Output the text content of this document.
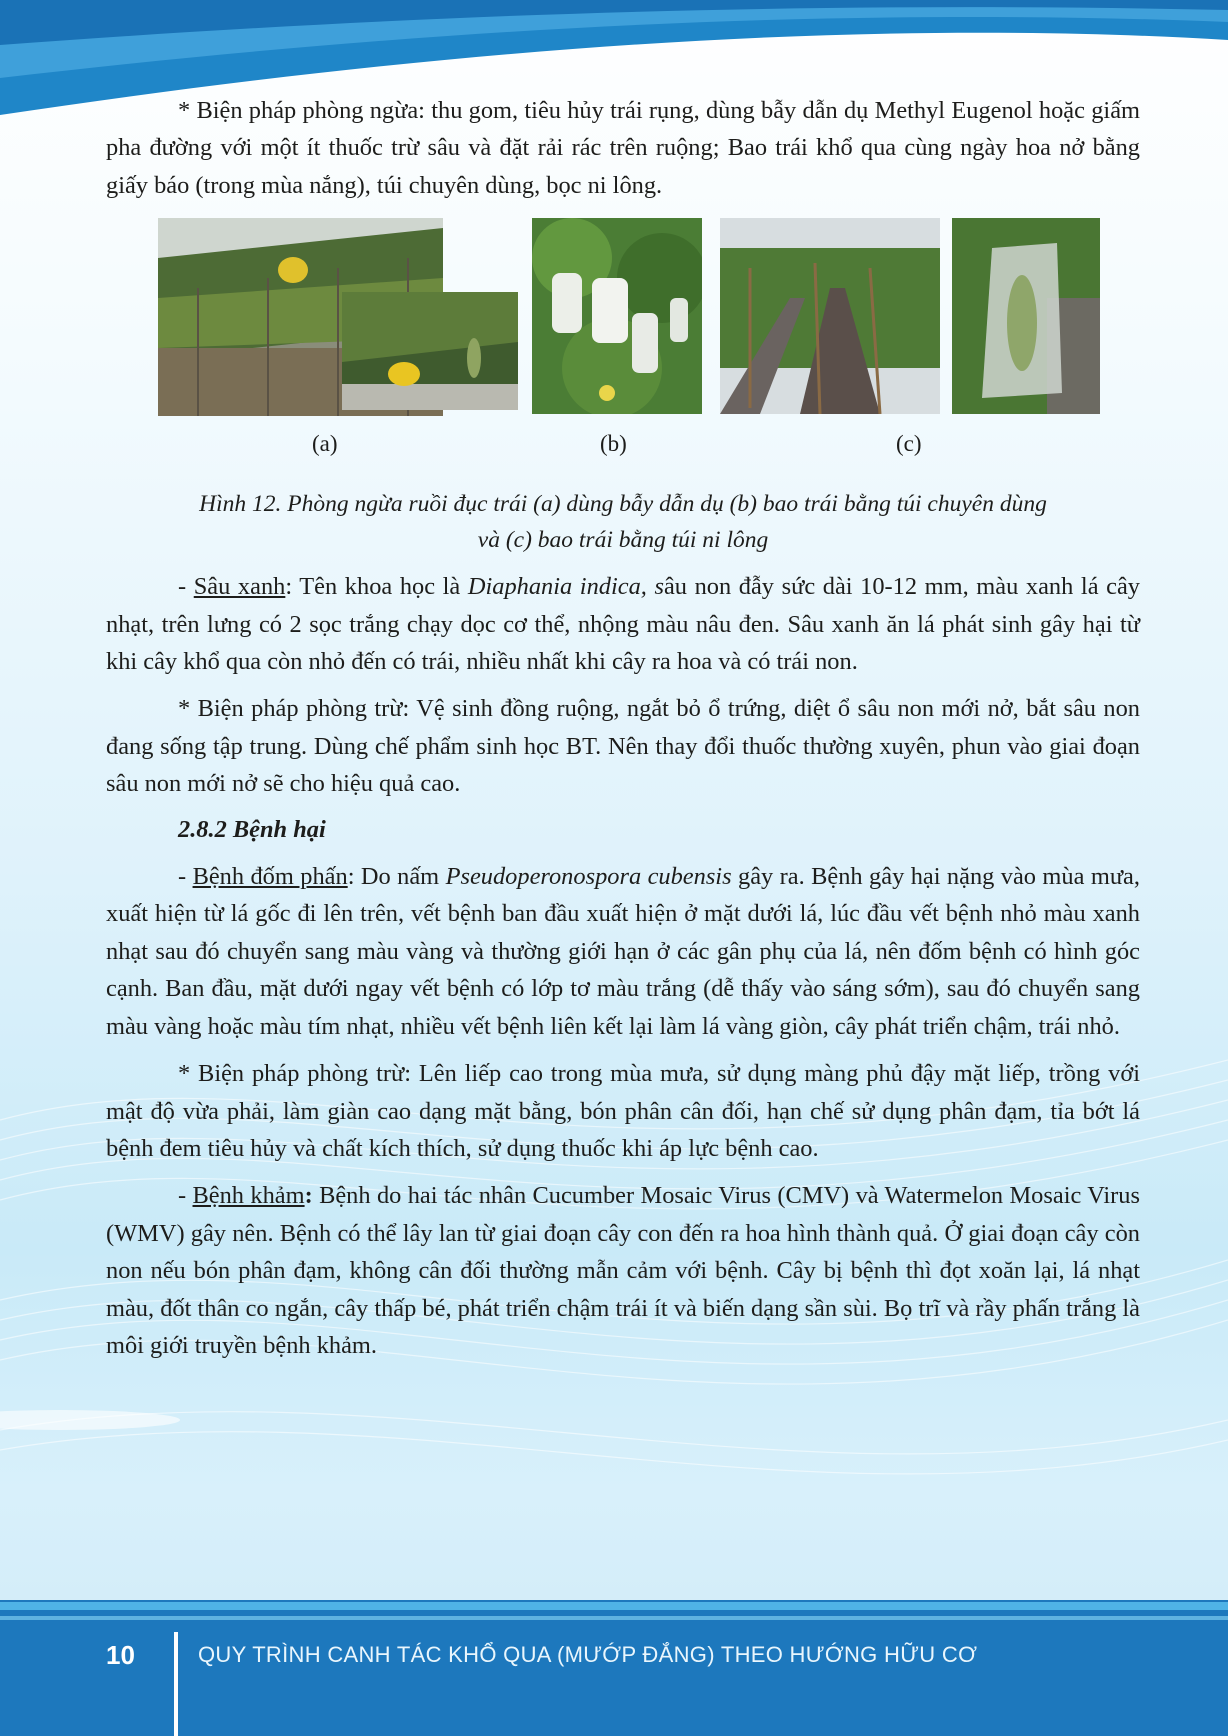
* Biện pháp phòng ngừa: thu gom, tiêu hủy trái rụng, dùng bẫy dẫn dụ Methyl Eugenol hoặc giấm pha đường với một ít thuốc trừ sâu và đặt rải rác trên ruộng; Bao trái khổ qua cùng ngày hoa nở bằng giấy báo (trong mùa nắng), túi chuyên dùng, bọc ni lông.

(a)	(b)	(c)
Hình 12. Phòng ngừa ruồi đục trái (a) dùng bẫy dẫn dụ (b) bao trái bằng túi chuyên dùng
và (c) bao trái bằng túi ni lông

- Sâu xanh: Tên khoa học là Diaphania indica, sâu non đẫy sức dài 10-12 mm, màu xanh lá cây nhạt, trên lưng có 2 sọc trắng chạy dọc cơ thể, nhộng màu nâu đen. Sâu xanh ăn lá phát sinh gây hại từ khi cây khổ qua còn nhỏ đến có trái, nhiều nhất khi cây ra hoa và có trái non.

* Biện pháp phòng trừ: Vệ sinh đồng ruộng, ngắt bỏ ổ trứng, diệt ổ sâu non mới nở, bắt sâu non đang sống tập trung. Dùng chế phẩm sinh học BT. Nên thay đổi thuốc thường xuyên, phun vào giai đoạn sâu non mới nở sẽ cho hiệu quả cao.

2.8.2 Bệnh hại

- Bệnh đốm phấn: Do nấm Pseudoperonospora cubensis gây ra. Bệnh gây hại nặng vào mùa mưa, xuất hiện từ lá gốc đi lên trên, vết bệnh ban đầu xuất hiện ở mặt dưới lá, lúc đầu vết bệnh nhỏ màu xanh nhạt sau đó chuyển sang màu vàng và thường giới hạn ở các gân phụ của lá, nên đốm bệnh có hình góc cạnh. Ban đầu, mặt dưới ngay vết bệnh có lớp tơ màu trắng (dễ thấy vào sáng sớm), sau đó chuyển sang màu vàng hoặc màu tím nhạt, nhiều vết bệnh liên kết lại làm lá vàng giòn, cây phát triển chậm, trái nhỏ.

* Biện pháp phòng trừ: Lên liếp cao trong mùa mưa, sử dụng màng phủ đậy mặt liếp, trồng với mật độ vừa phải, làm giàn cao dạng mặt bằng, bón phân cân đối, hạn chế sử dụng phân đạm, tỉa bớt lá bệnh đem tiêu hủy và chất kích thích, sử dụng thuốc khi áp lực bệnh cao.

- Bệnh khảm: Bệnh do hai tác nhân Cucumber Mosaic Virus (CMV) và Watermelon Mosaic Virus (WMV) gây nên. Bệnh có thể lây lan từ giai đoạn cây con đến ra hoa hình thành quả. Ở giai đoạn cây còn non nếu bón phân đạm, không cân đối thường mẫn cảm với bệnh. Cây bị bệnh thì đọt xoăn lại, lá nhạt màu, đốt thân co ngắn, cây thấp bé, phát triển chậm trái ít và biến dạng sần sùi. Bọ trĩ và rầy phấn trắng là môi giới truyền bệnh khảm.

10	QUY TRÌNH CANH TÁC KHỔ QUA (MƯỚP ĐẮNG) THEO HƯỚNG HỮU CƠ
